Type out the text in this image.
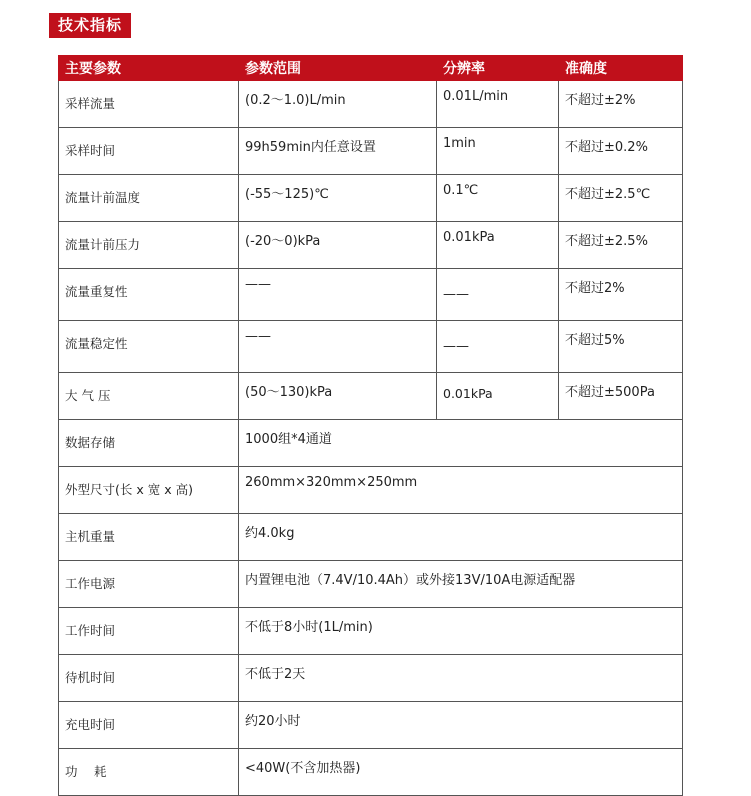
技术指标
主要参数	参数范围	分辨率	准确度
采样流量	(0.2～1.0)L/min	0.01L/min	不超过±2%
采样时间	99h59min内任意设置	1min	不超过±0.2%
流量计前温度	(-55～125)℃	0.1℃	不超过±2.5℃
流量计前压力	(-20～0)kPa	0.01kPa	不超过±2.5%
流量重复性	——	——	不超过2%
流量稳定性	——	——	不超过5%
大 气 压	(50～130)kPa	0.01kPa	不超过±500Pa
数据存储	1000组*4通道		
外型尺寸(长 x 宽 x 高)	260mm×320mm×250mm		
主机重量	约4.0kg		
工作电源	内置锂电池（7.4V/10.4Ah）或外接13V/10A电源适配器		
工作时间	不低于8小时(1L/min)		
待机时间	不低于2天		
充电时间	约20小时		
功　 耗	<40W(不含加热器)		
